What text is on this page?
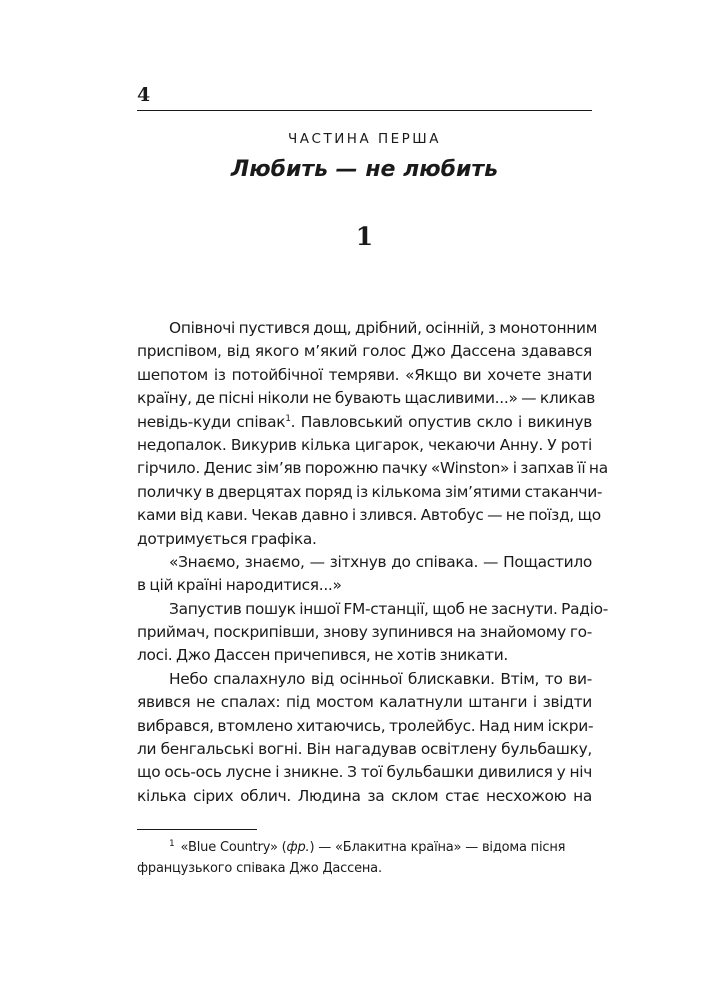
4
ЧАСТИНА ПЕРША
Любить — не любить
1
Опівночі пустився дощ, дрібний, осінній, з монотонним
приспівом, від якого м’який голос Джо Дассена здавався
шепотом із потойбічної темряви. «Якщо ви хочете знати
країну, де пісні ніколи не бувають щасливими...» — кликав
невідь-куди співак$^1$. Павловський опустив скло і викинув
недопалок. Викурив кілька цигарок, чекаючи Анну. У роті
гірчило. Денис зім’яв порожню пачку «Winston» і запхав її на
поличку в дверцятах поряд із кількома зім’ятими стаканчи-
ками від кави. Чекав давно і злився. Автобус — не поїзд, що
дотримується графіка.
«Знаємо, знаємо, — зітхнув до співака. — Пощастило
в цій країні народитися...»
Запустив пошук іншої FM-станції, щоб не заснути. Радіо-
приймач, поскрипівши, знову зупинився на знайомому го-
лосі. Джо Дассен причепився, не хотів зникати.
Небо спалахнуло від осінньої блискавки. Втім, то ви-
явився не спалах: під мостом калатнули штанги і звідти
вибрався, втомлено хитаючись, тролейбус. Над ним іскри-
ли бенгальські вогні. Він нагадував освітлену бульбашку,
що ось-ось лусне і зникне. З тої бульбашки дивилися у ніч
кілька сірих облич. Людина за склом стає несхожою на
$^1$ «Blue Country» (фр.) — «Блакитна країна» — відома пісня
французького співака Джо Дассена.
